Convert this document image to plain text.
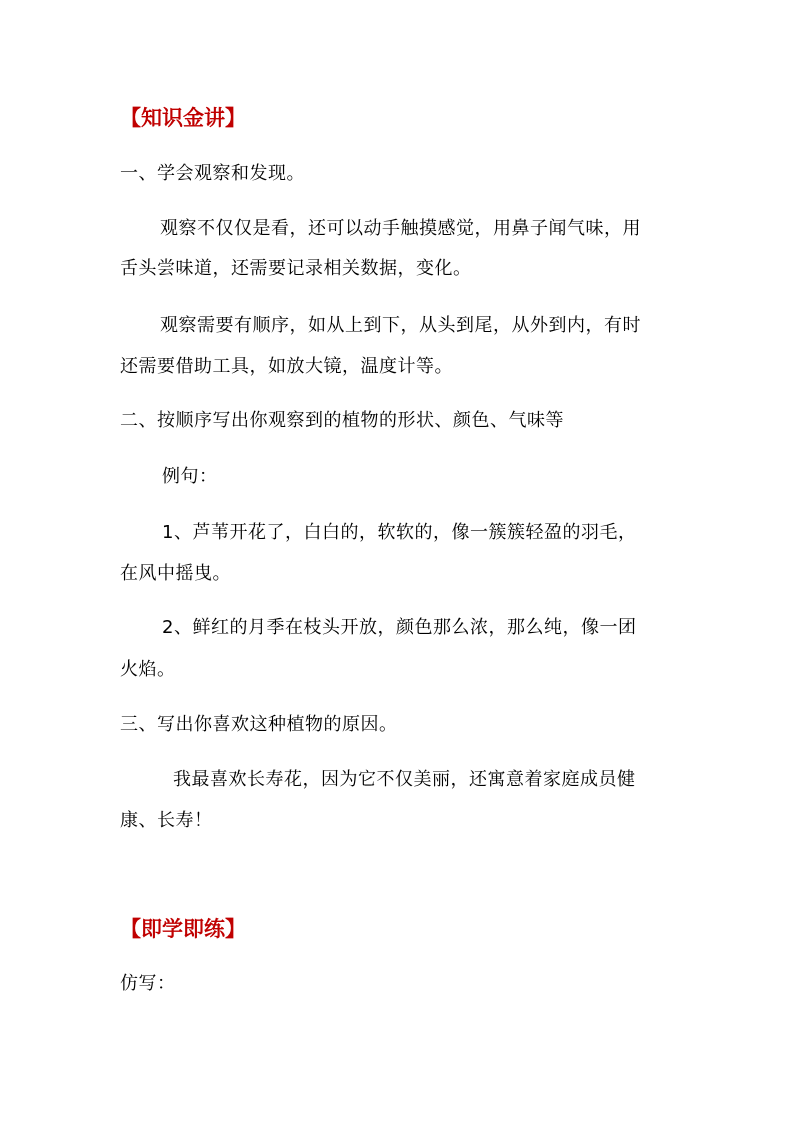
【知识金讲】
一、学会观察和发现。
观察不仅仅是看，还可以动手触摸感觉，用鼻子闻气味，用
舌头尝味道，还需要记录相关数据，变化。
观察需要有顺序，如从上到下，从头到尾，从外到内，有时
还需要借助工具，如放大镜，温度计等。
二、按顺序写出你观察到的植物的形状、颜色、气味等
例句：
1、芦苇开花了，白白的，软软的，像一簇簇轻盈的羽毛，
在风中摇曳。
2、鲜红的月季在枝头开放，颜色那么浓，那么纯，像一团
火焰。
三、写出你喜欢这种植物的原因。
我最喜欢长寿花，因为它不仅美丽，还寓意着家庭成员健
康、长寿！
【即学即练】
仿写：
